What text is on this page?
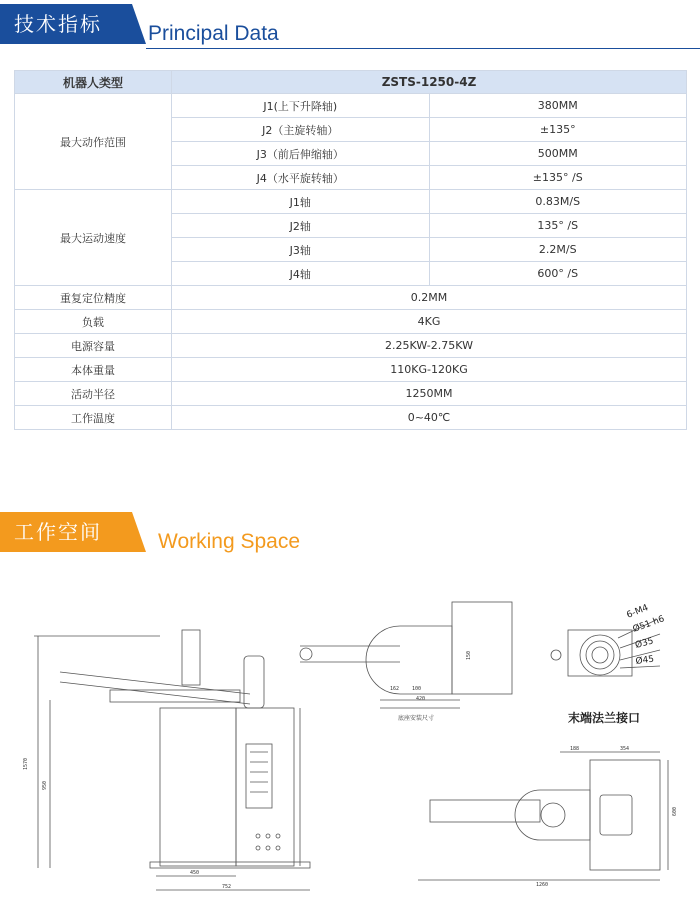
技术指标	Principal Data
机器人类型	ZSTS-1250-4Z	
最大动作范围	J1(上下升降轴)	380MM
	J2（主旋转轴）	±135°
	J3（前后伸缩轴）	500MM
	J4（水平旋转轴）	±135° /S
最大运动速度	J1轴	0.83M/S
	J2轴	135° /S
	J3轴	2.2M/S
	J4轴	600° /S
重复定位精度	0.2MM	
负载	4KG	
电源容量	2.25KW-2.75KW	
本体重量	110KG-120KG	
活动半径	1250MM	
工作温度	0~40℃	
工作空间	Working Space
1570
950
450
752
162	100
420
150
188	354
1260
600
底座安装尺寸
6-M4
Ø51 h6
Ø35
Ø45
末端法兰接口
